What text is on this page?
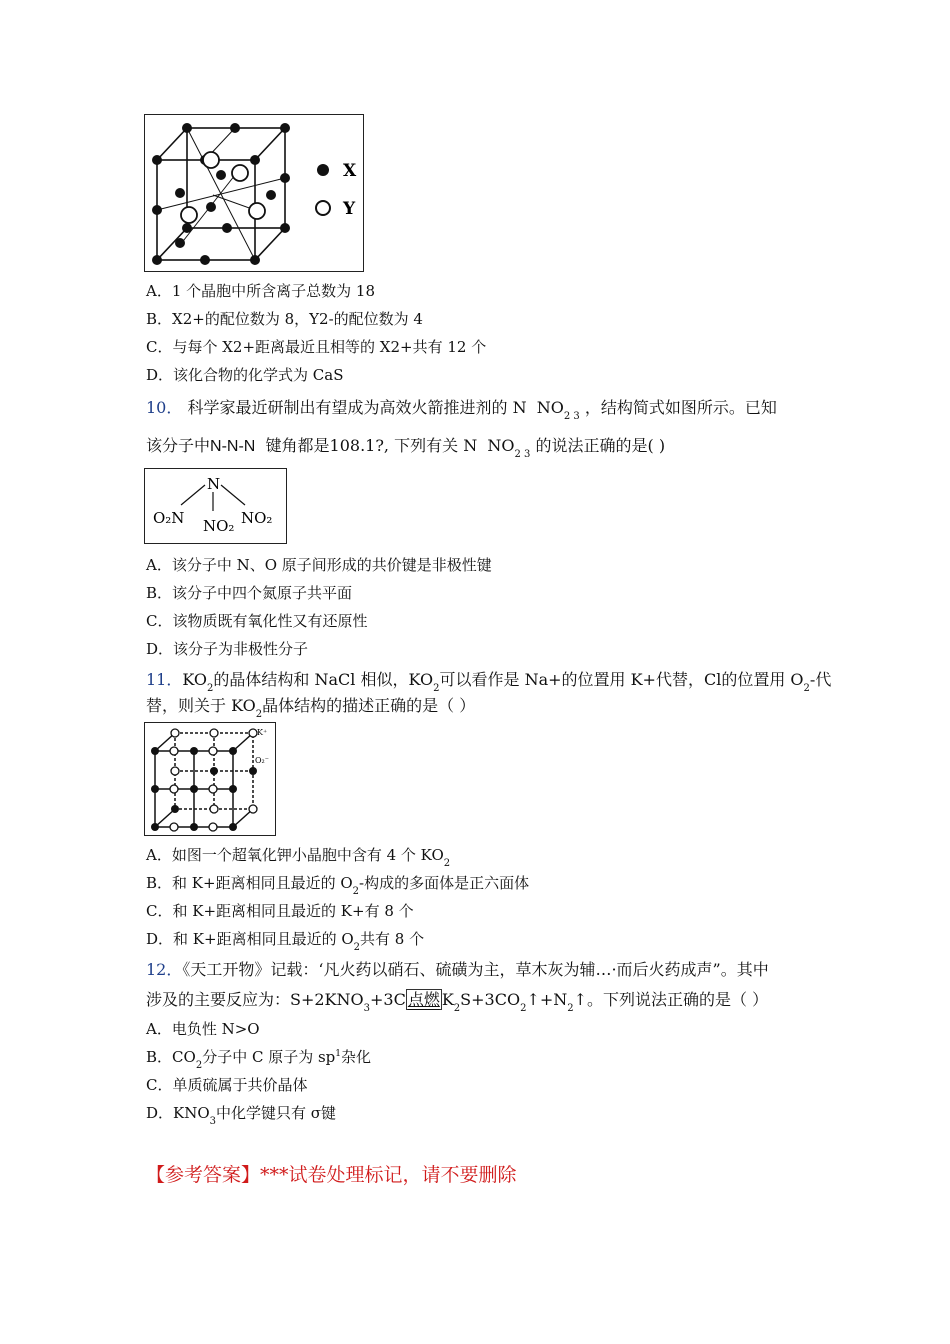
X
Y
A．1 个晶胞中所含离子总数为 18
B．X2+的配位数为 8，Y2-的配位数为 4
C．与每个 X2+距离最近且相等的 X2+共有 12 个
D．该化合物的化学式为 CaS
10． 科学家最近研制出有望成为高效火箭推进剂的 N $NO_{2 3}$ ，结构简式如图所示。已知
该分子中N-N-N 键角都是108.1?, 下列有关 N $NO_{2 3}$ 的说法正确的是( )
N
O₂N NO₂ NO₂
A．该分子中 N、O 原子间形成的共价键是非极性键
B．该分子中四个氮原子共平面
C．该物质既有氧化性又有还原性
D．该分子为非极性分子
11．$KO_2$的晶体结构和 NaCl 相似，$KO_2$可以看作是 Na+的位置用 K+代替，Cl的位置用 $O_2-$代
替，则关于 $KO_2$晶体结构的描述正确的是（ ）
K⁺
O₂⁻
A．如图一个超氧化钾小晶胞中含有 4 个 $KO_2$
B．和 K+距离相同且最近的 $O_2-$构成的多面体是正六面体
C．和 K+距离相同且最近的 K+有 8 个
D．和 K+距离相同且最近的 $O_2$共有 8 个
12．《天工开物》记载：‘凡火药以硝石、硫磺为主，草木灰为辅…·而后火药成声”。其中
涉及的主要反应为：$S+2KNO_3+3C$ 点燃 $K_2S+3CO_2↑+N_2↑$。下列说法正确的是（ ）
A．电负性 N>O
B．$CO_2$分子中 C 原子为 $sp^1$杂化
C．单质硫属于共价晶体
D．$KNO_3$中化学键只有 σ键
【参考答案】***试卷处理标记，请不要删除
